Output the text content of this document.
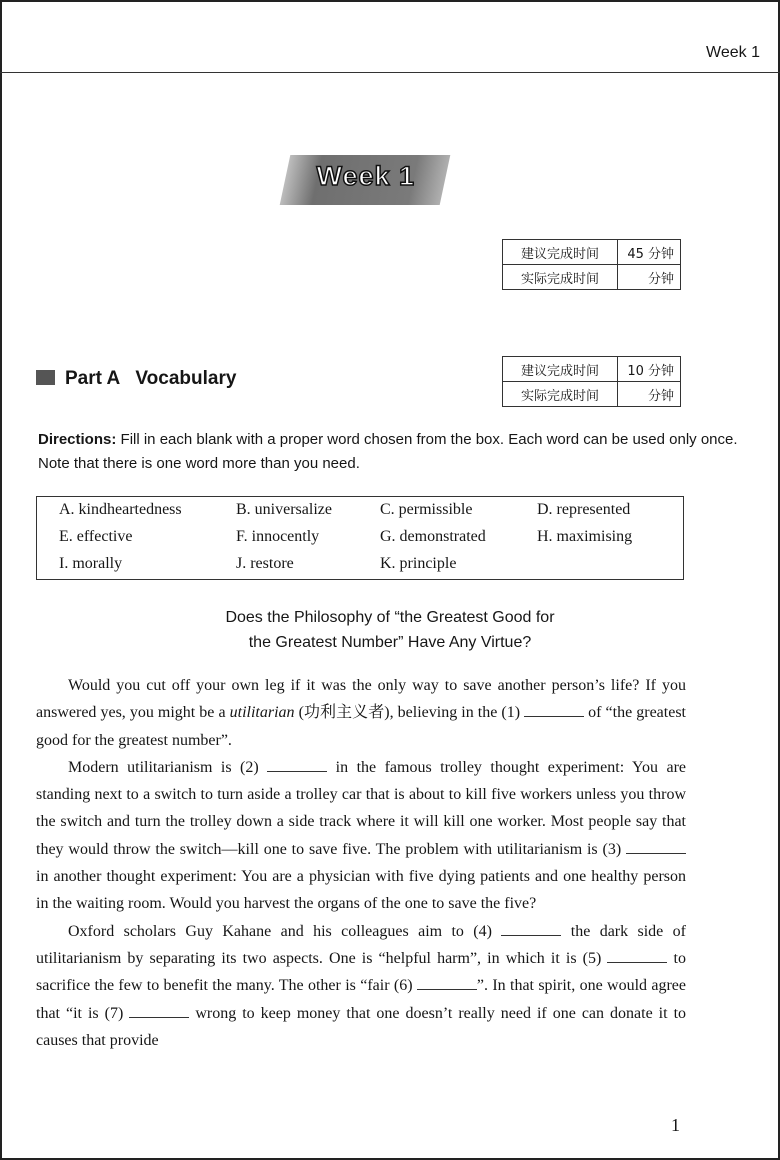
Week 1
Week 1
建议完成时间	45 分钟
实际完成时间	分钟
建议完成时间	10 分钟
实际完成时间	分钟
Part A   Vocabulary
Directions: Fill in each blank with a proper word chosen from the box. Each word can be used only once. Note that there is one word more than you need.
A. kindheartedness	B. universalize	C. permissible	D. represented
E. effective	F. innocently	G. demonstrated	H. maximising
I. morally	J. restore	K. principle
Does the Philosophy of “the Greatest Good for
the Greatest Number” Have Any Virtue?

Would you cut off your own leg if it was the only way to save another person’s life? If you answered yes, you might be a utilitarian (功利主义者), believing in the (1)	of “the greatest good for the greatest number”.

Modern utilitarianism is (2)	in the famous trolley thought experiment: You are standing next to a switch to turn aside a trolley car that is about to kill five workers unless you throw the switch and turn the trolley down a side track where it will kill one worker. Most people say that they would throw the switch—kill one to save five. The problem with utilitarianism is (3)  in another thought experiment: You are a physician with five dying patients and one healthy person in the waiting room. Would you harvest the organs of the one to save the five?

Oxford scholars Guy Kahane and his colleagues aim to (4)	the dark side of utilitarianism by separating its two aspects. One is “helpful harm”, in which it is (5)	to sacrifice the few to benefit the many. The other is “fair (6)	”. In that spirit, one would agree that “it is (7)	wrong to keep money that one doesn’t really need if one can donate it to causes that provide

1
